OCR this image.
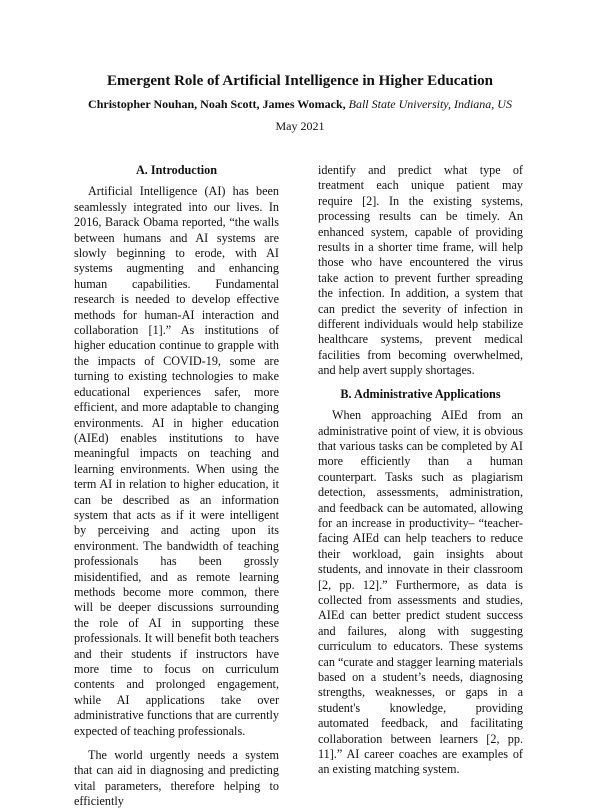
Emergent Role of Artificial Intelligence in Higher Education
Christopher Nouhan, Noah Scott, James Womack, Ball State University, Indiana, US
May 2021
A. Introduction

Artificial Intelligence (AI) has been seamlessly integrated into our lives. In 2016, Barack Obama reported, “the walls between humans and AI systems are slowly beginning to erode, with AI systems augmenting and enhancing human capabilities. Fundamental research is needed to develop effective methods for human-AI interaction and collaboration [1].” As institutions of higher education continue to grapple with the impacts of COVID-19, some are turning to existing technologies to make educational experiences safer, more efficient, and more adaptable to changing environments. AI in higher education (AIEd) enables institutions to have meaningful impacts on teaching and learning environments. When using the term AI in relation to higher education, it can be described as an information system that acts as if it were intelligent by perceiving and acting upon its environment. The bandwidth of teaching professionals has been grossly misidentified, and as remote learning methods become more common, there will be deeper discussions surrounding the role of AI in supporting these professionals. It will benefit both teachers and their students if instructors have more time to focus on curriculum contents and prolonged engagement, while AI applications take over administrative functions that are currently expected of teaching professionals.

The world urgently needs a system that can aid in diagnosing and predicting vital parameters, therefore helping to efficiently

identify and predict what type of treatment each unique patient may require [2]. In the existing systems, processing results can be timely. An enhanced system, capable of providing results in a shorter time frame, will help those who have encountered the virus take action to prevent further spreading the infection. In addition, a system that can predict the severity of infection in different individuals would help stabilize healthcare systems, prevent medical facilities from becoming overwhelmed, and help avert supply shortages.

B. Administrative Applications

When approaching AIEd from an administrative point of view, it is obvious that various tasks can be completed by AI more efficiently than a human counterpart. Tasks such as plagiarism detection, assessments, administration, and feedback can be automated, allowing for an increase in productivity– “teacher-facing AIEd can help teachers to reduce their workload, gain insights about students, and innovate in their classroom [2, pp. 12].” Furthermore, as data is collected from assessments and studies, AIEd can better predict student success and failures, along with suggesting curriculum to educators. These systems can “curate and stagger learning materials based on a student’s needs, diagnosing strengths, weaknesses, or gaps in a student's knowledge, providing automated feedback, and facilitating collaboration between learners [2, pp. 11].” AI career coaches are examples of an existing matching system.
